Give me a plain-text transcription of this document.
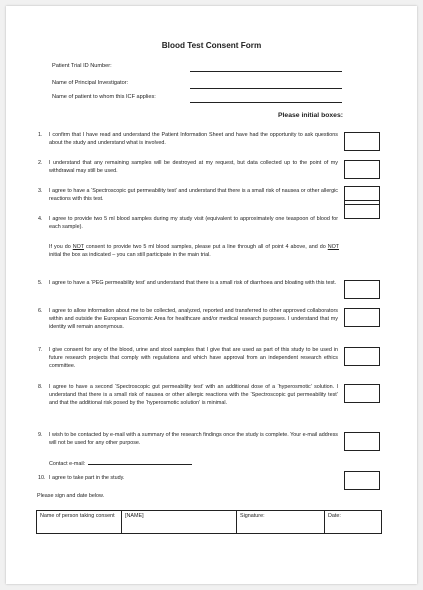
Blood Test Consent Form
Patient Trial ID Number:
Name of Principal Investigator:
Name of patient to whom this ICF applies:
Please initial boxes:
1.	I confirm that I have read and understand the Patient Information Sheet and have had the opportunity to ask questions about the study and understand what is involved.
2.	I understand that any remaining samples will be destroyed at my request, but data collected up to the point of my withdrawal may still be used.
3.	I agree to have a ‘Spectroscopic gut permeability test’ and understand that there is a small risk of nausea or other allergic reactions with this test.
4.	I agree to provide two 5 ml blood samples during my study visit (equivalent to approximately one teaspoon of blood for each sample).
If you do NOT consent to provide two 5 ml blood samples, please put a line through all of point 4 above, and do NOT initial the box as indicated – you can still participate in the main trial.
5.	I agree to have a ‘PEG permeability test’ and understand that there is a small risk of diarrhoea and bloating with this test.
6.	I agree to allow information about me to be collected, analyzed, reported and transferred to other approved collaborators within and outside the European Economic Area for healthcare and/or medical research purposes. I understand that my identity will remain anonymous.
7.	I give consent for any of the blood, urine and stool samples that I give that are used as part of this study to be used in future research projects that comply with regulations and which have approval from an independent research ethics committee.
8.	I agree to have a second ‘Spectroscopic gut permeability test’ with an additional dose of a ‘hyperosmotic’ solution. I understand that there is a small risk of nausea or other allergic reactions with the ‘Spectroscopic gut permeability test’ and that the additional risk posed by the ‘hyperosmotic solution’ is minimal.
9.	I wish to be contacted by e-mail with a summary of the research findings once the study is complete. Your e-mail address will not be used for any other purpose.
Contact e-mail:
10. I agree to take part in the study.
Please sign and date below.
Name of person taking consent	[NAME]	Signature:	Date:
